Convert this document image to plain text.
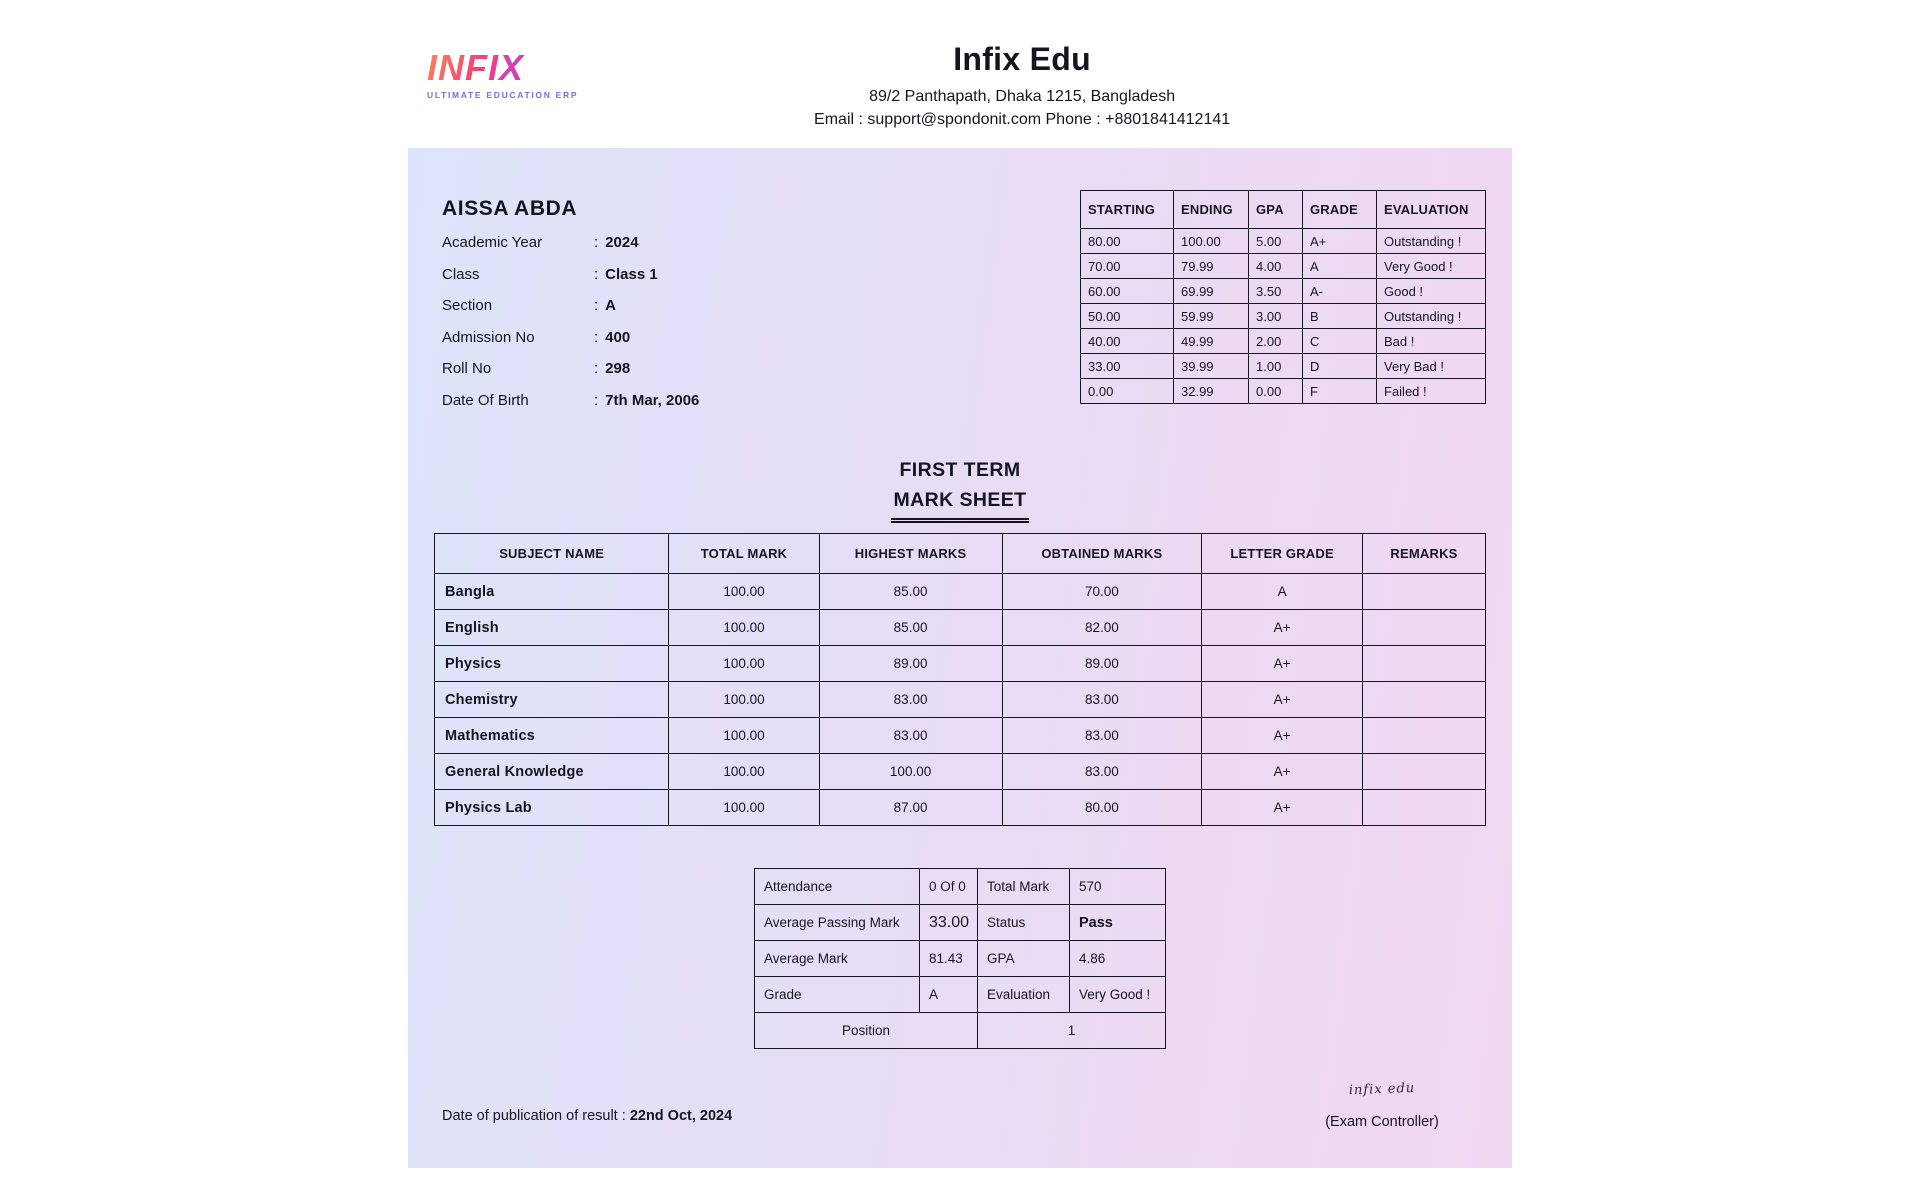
INFIX
ULTIMATE EDUCATION ERP
Infix Edu
89/2 Panthapath, Dhaka 1215, Bangladesh
Email : support@spondonit.com Phone : +8801841412141
AISSA ABDA
Academic Year	: 2024
Class	: Class 1
Section	: A
Admission No	: 400
Roll No	: 298
Date Of Birth	: 7th Mar, 2006
STARTING	ENDING	GPA	GRADE	EVALUATION
80.00	100.00	5.00	A+	Outstanding !
70.00	79.99	4.00	A	Very Good !
60.00	69.99	3.50	A-	Good !
50.00	59.99	3.00	B	Outstanding !
40.00	49.99	2.00	C	Bad !
33.00	39.99	1.00	D	Very Bad !
0.00	32.99	0.00	F	Failed !
FIRST TERM
MARK SHEET
SUBJECT NAME	TOTAL MARK	HIGHEST MARKS	OBTAINED MARKS	LETTER GRADE	REMARKS
Bangla	100.00	85.00	70.00	A	
English	100.00	85.00	82.00	A+	
Physics	100.00	89.00	89.00	A+	
Chemistry	100.00	83.00	83.00	A+	
Mathematics	100.00	83.00	83.00	A+	
General Knowledge	100.00	100.00	83.00	A+	
Physics Lab	100.00	87.00	80.00	A+	
Attendance	0 Of 0	Total Mark	570
Average Passing Mark	33.00	Status	Pass
Average Mark	81.43	GPA	4.86
Grade	A	Evaluation	Very Good !
Position		1	
Date of publication of result : 22nd Oct, 2024
infix edu
(Exam Controller)
